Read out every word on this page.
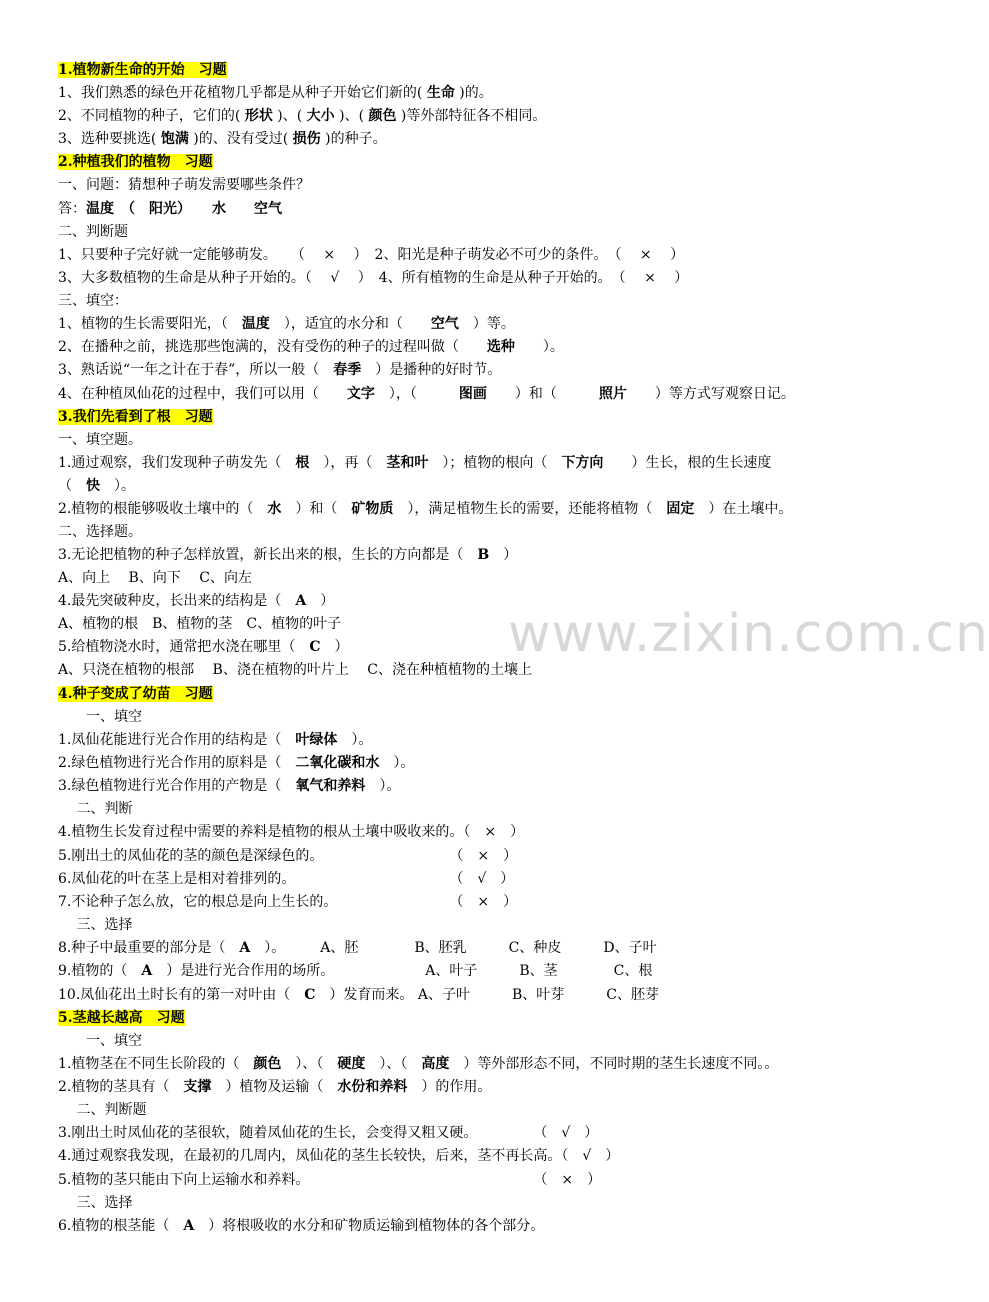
1.植物新生命的开始　习题
1、我们熟悉的绿色开花植物几乎都是从种子开始它们新的( 生命 )的。
2、不同植物的种子，它们的( 形状 )、( 大小 )、( 颜色 )等外部特征各不相同。
3、选种要挑选( 饱满 )的、没有受过( 损伤 )的种子。
2.种植我们的植物　习题
一、问题：猜想种子萌发需要哪些条件？
答：温度　（　阳光）　　水　　空气
二、判断题
1、只要种子完好就一定能够萌发。　　（　 ×　 ）　2、阳光是种子萌发必不可少的条件。　（　 ×　 ）
3、大多数植物的生命是从种子开始的。（　 √　 ）　4、所有植物的生命是从种子开始的。　（　 ×　 ）
三、填空：
1、植物的生长需要阳光，（　温度　），适宜的水分和（　　空气　）等。
2、在播种之前，挑选那些饱满的，没有受伤的种子的过程叫做（　　选种　　）。
3、熟话说“一年之计在于春”，所以一般（　春季　）是播种的好时节。
4、在种植凤仙花的过程中，我们可以用（　　文字　），（　　　图画　　）和（　　　照片　　）等方式写观察日记。
3.我们先看到了根　习题
一、填空题。
1.通过观察，我们发现种子萌发先（　根　），再（　茎和叶　）；植物的根向（　下方向　　）生长，根的生长速度
（　快　）。
2.植物的根能够吸收土壤中的（　水　）和（　矿物质　），满足植物生长的需要，还能将植物（　固定　）在土壤中。
二、选择题。
3.无论把植物的种子怎样放置，新长出来的根，生长的方向都是（　B　）
A、向上　 B、向下　 C、向左
4.最先突破种皮，长出来的结构是（　A　）
A、植物的根　B、植物的茎　C、植物的叶子
5.给植物浇水时，通常把水浇在哪里（　C　）
A、只浇在植物的根部　 B、浇在植物的叶片上　 C、浇在种植植物的土壤上
4.种子变成了幼苗　习题
　　一、填空
1.凤仙花能进行光合作用的结构是（　叶绿体　）。
2.绿色植物进行光合作用的原料是（　二氧化碳和水　）。
3.绿色植物进行光合作用的产物是（　氧气和养料　）。
　 二、判断
4.植物生长发育过程中需要的养料是植物的根从土壤中吸收来的。（　×　）
5.刚出土的凤仙花的茎的颜色是深绿色的。　　　　　　　　　　（　×　）
6.凤仙花的叶在茎上是相对着排列的。　　　　　　　　　　　　（　√　）
7.不论种子怎么放，它的根总是向上生长的。　　　　　　　　　（　×　）
　 三、选择
8.种子中最重要的部分是（　A　）。　　　A、胚　　　　B、胚乳　　　C、种皮　　　D、子叶
9.植物的（　A　）是进行光合作用的场所。　　　　　　　A、叶子　　　B、茎　　　　C、根
10.凤仙花出土时长有的第一对叶由（　C　）发育而来。 A、子叶　　　B、叶芽　　　C、胚芽
5.茎越长越高　习题
　　一、填空
1.植物茎在不同生长阶段的（　颜色　）、（　硬度　）、（　高度　）等外部形态不同，不同时期的茎生长速度不同。。
2.植物的茎具有（　支撑　）植物及运输（　水份和养料　）的作用。
　 二、判断题
3.刚出土时凤仙花的茎很软，随着凤仙花的生长，会变得又粗又硬。　　　　　（　√　）
4.通过观察我发现，在最初的几周内，凤仙花的茎生长较快，后来，茎不再长高。（　√　）
5.植物的茎只能由下向上运输水和养料。　　　　　　　　　　　　　　　　　（　×　）
　 三、选择
6.植物的根茎能（　A　）将根吸收的水分和矿物质运输到植物体的各个部分。
www.zixin.com.cn
